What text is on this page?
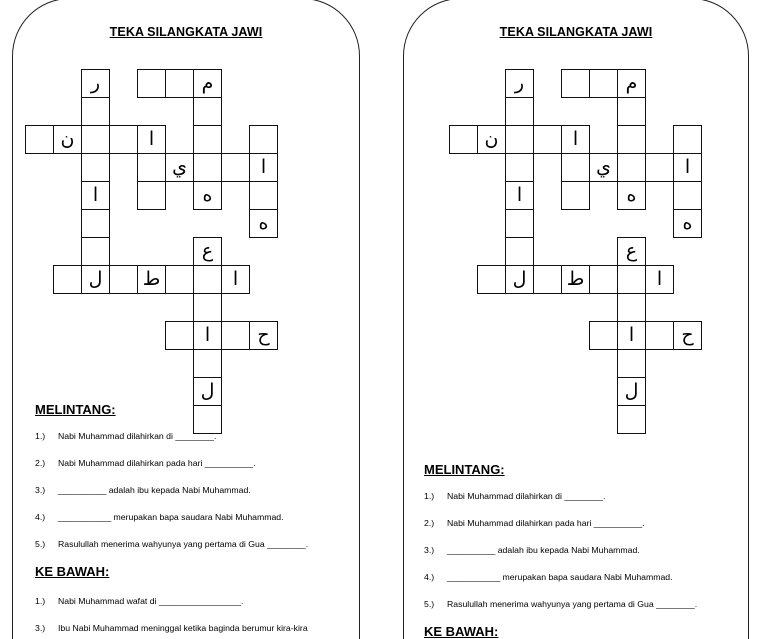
TEKA SILANGKATA JAWI
ر	م
ن	ا
ي	ا
ا	ه
ه
ع
ل	ط	ا
ا	ح
ل
MELINTANG:
KE BAWAH:
1.) Nabi Muhammad dilahirkan di ________.
2.) Nabi Muhammad dilahirkan pada hari __________.
3.) __________ adalah ibu kepada Nabi Muhammad.
4.) ___________ merupakan bapa saudara Nabi Muhammad.
5.) Rasulullah menerima wahyunya yang pertama di Gua ________.
1.) Nabi Muhammad wafat di _________________.
3.) Ibu Nabi Muhammad meninggal ketika baginda berumur kira-kira
TEKA SILANGKATA JAWI
ر	م
ن	ا
ي	ا
ا	ه
ه
ع
ل	ط	ا
ا	ح
ل
MELINTANG:
KE BAWAH:
1.) Nabi Muhammad dilahirkan di ________.
2.) Nabi Muhammad dilahirkan pada hari __________.
3.) __________ adalah ibu kepada Nabi Muhammad.
4.) ___________ merupakan bapa saudara Nabi Muhammad.
5.) Rasulullah menerima wahyunya yang pertama di Gua ________.
